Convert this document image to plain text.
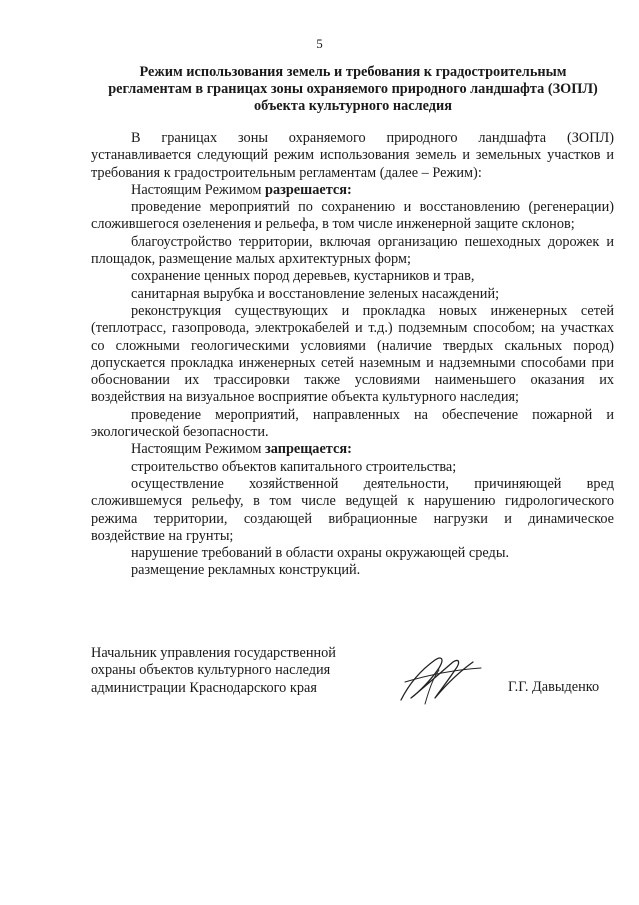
5
Режим использования земель и требования к градостроительным
регламентам в границах зоны охраняемого природного ландшафта (ЗОПЛ)
объекта культурного наследия

В границах зоны охраняемого природного ландшафта (ЗОПЛ) устанавливается следующий режим использования земель и земельных участков и требования к градостроительным регламентам (далее – Режим):

Настоящим Режимом разрешается:

проведение мероприятий по сохранению и восстановлению (регенерации) сложившегося озеленения и рельефа, в том числе инженерной защите склонов;

благоустройство территории, включая организацию пешеходных дорожек и площадок, размещение малых архитектурных форм;

сохранение ценных пород деревьев, кустарников и трав,

санитарная вырубка и восстановление зеленых насаждений;

реконструкция существующих и прокладка новых инженерных сетей (теплотрасс, газопровода, электрокабелей и т.д.) подземным способом; на участках со сложными геологическими условиями (наличие твердых скальных пород) допускается прокладка инженерных сетей наземным и надземными способами при обосновании их трассировки также условиями наименьшего оказания их воздействия на визуальное восприятие объекта культурного наследия;

проведение мероприятий, направленных на обеспечение пожарной и экологической безопасности.

Настоящим Режимом запрещается:

строительство объектов капитального строительства;

осуществление хозяйственной деятельности, причиняющей вред сложившемуся рельефу, в том числе ведущей к нарушению гидрологического режима территории, создающей вибрационные нагрузки и динамическое воздействие на грунты;

нарушение требований в области охраны окружающей среды.

размещение рекламных конструкций.

Начальник управления государственной
охраны объектов культурного наследия
администрации Краснодарского края	Г.Г. Давыденко
